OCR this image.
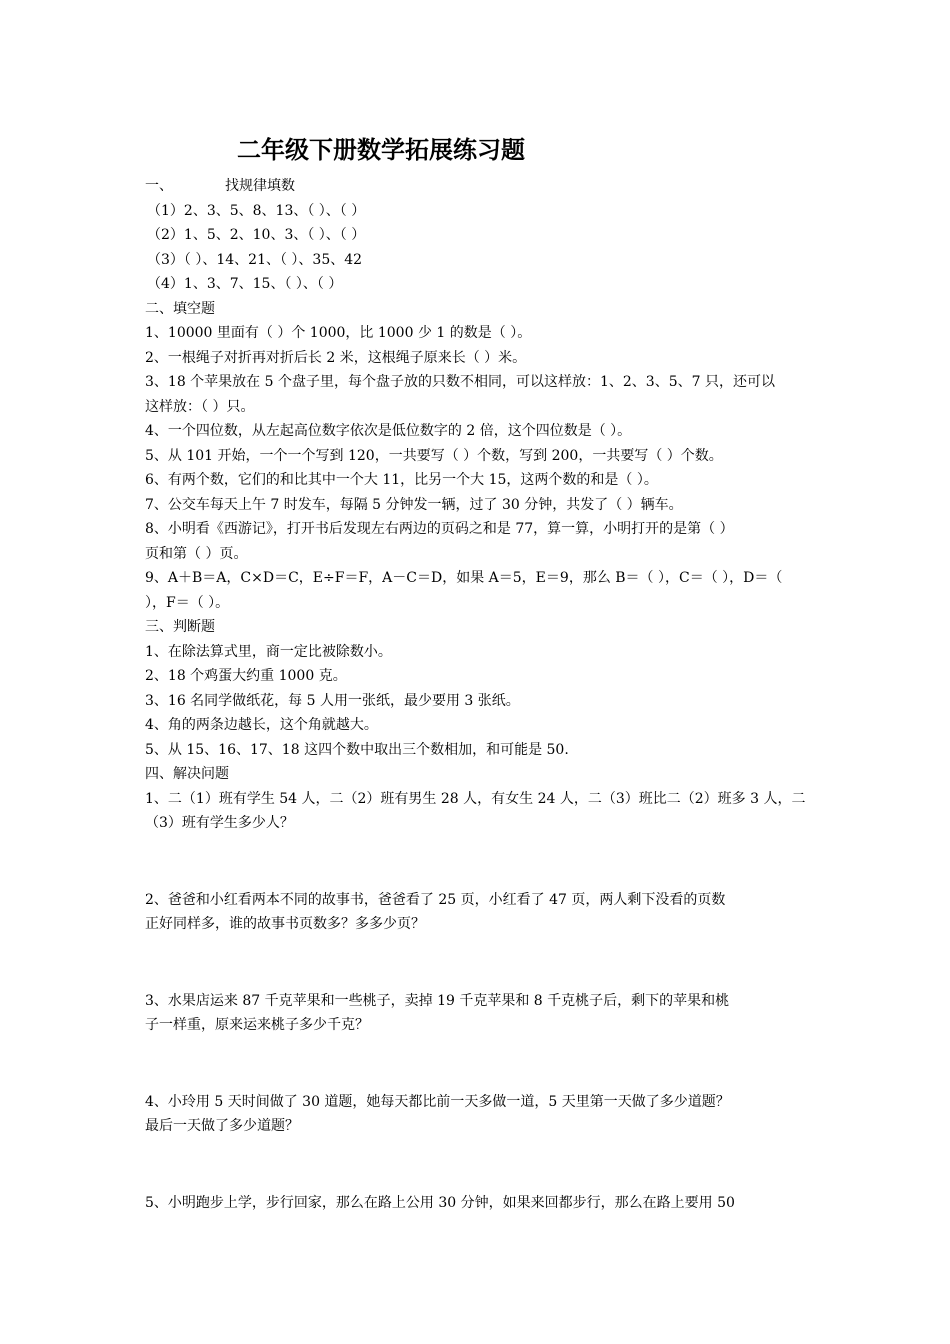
二年级下册数学拓展练习题
一、	找规律填数
（1）2、3、5、8、13、（ ）、（ ）
（2）1、5、2、10、3、（ ）、（ ）
（3）（ ）、14、21、（ ）、35、42
（4）1、3、7、15、（ ）、（ ）
二、填空题
1、10000 里面有（ ）个 1000，比 1000 少 1 的数是（ ）。
2、一根绳子对折再对折后长 2 米，这根绳子原来长（ ）米。
3、18 个苹果放在 5 个盘子里，每个盘子放的只数不相同，可以这样放：1、2、3、5、7 只，还可以
这样放：（ ）只。
4、一个四位数，从左起高位数字依次是低位数字的 2 倍，这个四位数是（ ）。
5、从 101 开始，一个一个写到 120，一共要写（ ）个数，写到 200，一共要写（ ）个数。
6、有两个数，它们的和比其中一个大 11，比另一个大 15，这两个数的和是（ ）。
7、公交车每天上午 7 时发车，每隔 5 分钟发一辆，过了 30 分钟，共发了（ ）辆车。
8、小明看《西游记》，打开书后发现左右两边的页码之和是 77，算一算，小明打开的是第（ ）
页和第（ ）页。
9、A＋B＝A，C×D＝C，E÷F＝F，A－C＝D，如果 A＝5，E＝9，那么 B＝（ ），C＝（ ），D＝（
），F＝（ ）。
三、判断题
1、在除法算式里，商一定比被除数小。
2、18 个鸡蛋大约重 1000 克。
3、16 名同学做纸花，每 5 人用一张纸，最少要用 3 张纸。
4、角的两条边越长，这个角就越大。
5、从 15、16、17、18 这四个数中取出三个数相加，和可能是 50.
四、解决问题
1、二（1）班有学生 54 人，二（2）班有男生 28 人，有女生 24 人，二（3）班比二（2）班多 3 人，二
（3）班有学生多少人？
2、爸爸和小红看两本不同的故事书，爸爸看了 25 页，小红看了 47 页，两人剩下没看的页数
正好同样多，谁的故事书页数多？多多少页？
3、水果店运来 87 千克苹果和一些桃子，卖掉 19 千克苹果和 8 千克桃子后，剩下的苹果和桃
子一样重，原来运来桃子多少千克？
4、小玲用 5 天时间做了 30 道题，她每天都比前一天多做一道，5 天里第一天做了多少道题？
最后一天做了多少道题？
5、小明跑步上学，步行回家，那么在路上公用 30 分钟，如果来回都步行，那么在路上要用 50
